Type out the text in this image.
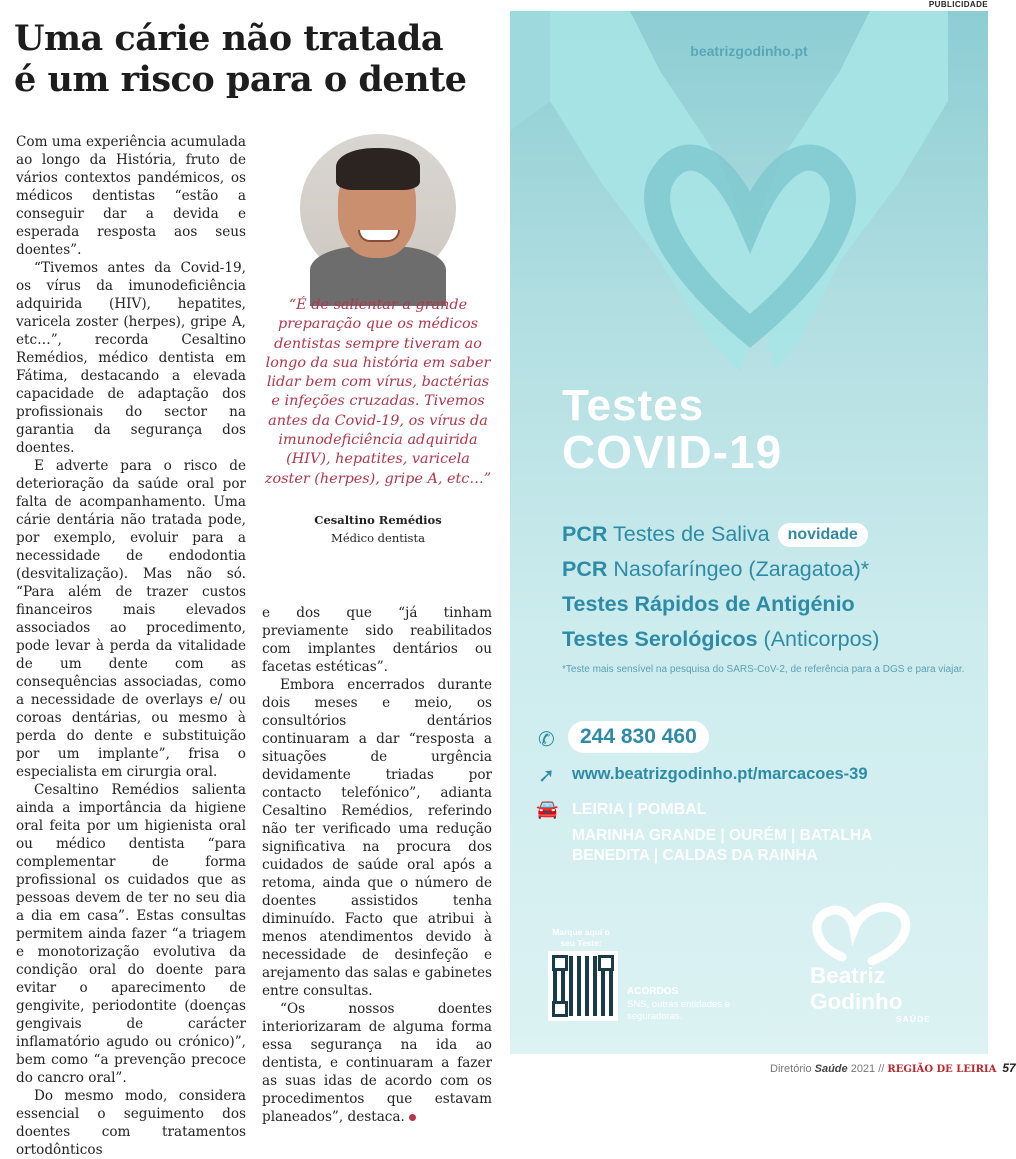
Uma cárie não tratada
é um risco para o dente

Com uma experiência acumulada ao longo da História, fruto de vários contextos pandémicos, os médicos dentistas “estão a conseguir dar a devida e esperada resposta aos seus doentes”.

“Tivemos antes da Covid-19, os vírus da imunodeficiência adquirida (HIV), hepatites, varicela zoster (herpes), gripe A, etc…”, recorda Cesaltino Remédios, médico dentista em Fátima, destacando a elevada capacidade de adaptação dos profissionais do sector na garantia da segurança dos doentes.

E adverte para o risco de deterioração da saúde oral por falta de acompanhamento. Uma cárie dentária não tratada pode, por exemplo, evoluir para a necessidade de endodontia (desvitalização). Mas não só. “Para além de trazer custos financeiros mais elevados associados ao procedimento, pode levar à perda da vitalidade de um dente com as consequências associadas, como a necessidade de overlays e/ ou coroas dentárias, ou mesmo à perda do dente e substituição por um implante”, frisa o especialista em cirurgia oral.

Cesaltino Remédios salienta ainda a importância da higiene oral feita por um higienista oral ou médico dentista “para complementar de forma profissional os cuidados que as pessoas devem de ter no seu dia a dia em casa”. Estas consultas permitem ainda fazer “a triagem e monotorização evolutiva da condição oral do doente para evitar o aparecimento de gengivite, periodontite (doenças gengivais de carácter inflamatório agudo ou crónico)”, bem como “a prevenção precoce do cancro oral”.

Do mesmo modo, considera essencial o seguimento dos doentes com tratamentos ortodônticos

“É de salientar a grande preparação que os médicos dentistas sempre tiveram ao longo da sua história em saber lidar bem com vírus, bactérias e infeções cruzadas. Tivemos antes da Covid-19, os vírus da imunodeficiência adquirida (HIV), hepatites, varicela zoster (herpes), gripe A, etc…”
Cesaltino Remédios
Médico dentista

e dos que “já tinham previamente sido reabilitados com implantes dentários ou facetas estéticas”.

Embora encerrados durante dois meses e meio, os consultórios dentários continuaram a dar “resposta a situações de urgência devidamente triadas por contacto telefónico”, adianta Cesaltino Remédios, referindo não ter verificado uma redução significativa na procura dos cuidados de saúde oral após a retoma, ainda que o número de doentes assistidos tenha diminuído. Facto que atribui à menos atendimentos devido à necessidade de desinfeção e arejamento das salas e gabinetes entre consultas.

“Os nossos doentes interiorizaram de alguma forma essa segurança na ida ao dentista, e continuaram a fazer as suas idas de acordo com os procedimentos que estavam planeados”, destaca.

PUBLICIDADE
beatrizgodinho.pt
Testes
COVID-19
PCR Testes de Saliva novidade
PCR Nasofaríngeo (Zaragatoa)*
Testes Rápidos de Antigénio
Testes Serológicos (Anticorpos)
*Teste mais sensível na pesquisa do SARS-CoV-2, de referência para a DGS e para viajar.
✆	244 830 460
➚ www.beatrizgodinho.pt/marcacoes-39
🚘 LEIRIA | POMBAL
MARINHA GRANDE | OURÉM | BATALHA
BENEDITA | CALDAS DA RAINHA
Marque aqui o seu Teste:
ACORDOS
SNS, outras entidades e seguradoras.
Beatriz
Godinho
SAÚDE
Diretório Saúde 2021 // REGIÃO DE LEIRIA 57
